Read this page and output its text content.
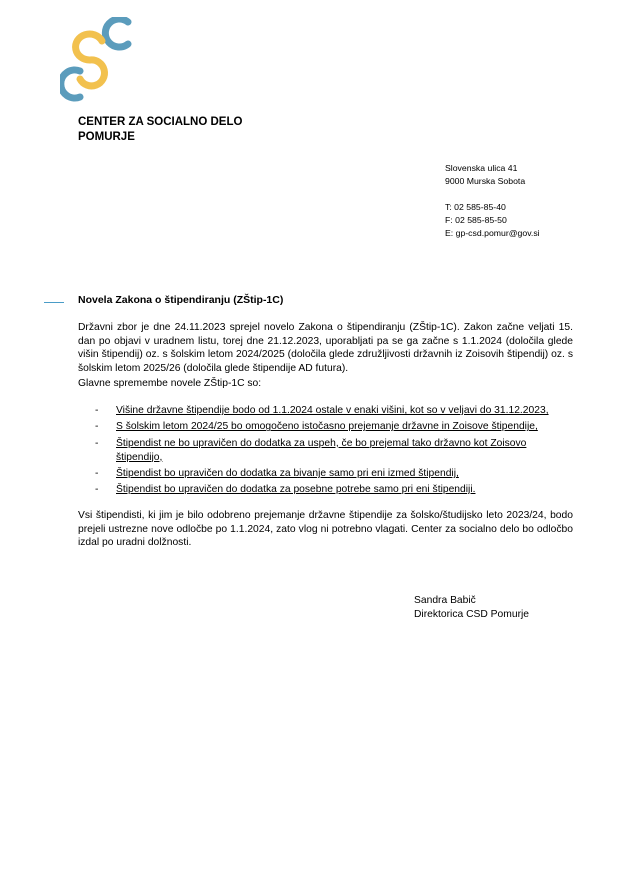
CENTER ZA SOCIALNO DELO
POMURJE
Slovenska ulica 41
9000 Murska Sobota
T: 02 585-85-40
F: 02 585-85-50
E: gp-csd.pomur@gov.si
Novela Zakona o štipendiranju (ZŠtip-1C)
Državni zbor je dne 24.11.2023 sprejel novelo Zakona o štipendiranju (ZŠtip-1C). Zakon začne veljati 15. dan po objavi v uradnem listu, torej dne 21.12.2023, uporabljati pa se ga začne s 1.1.2024 (določila glede višin štipendij) oz. s šolskim letom 2024/2025 (določila glede združljivosti državnih iz Zoisovih štipendij) oz. s šolskim letom 2025/26 (določila glede štipendije AD futura).
Glavne spremembe novele ZŠtip-1C so:
- Višine državne štipendije bodo od 1.1.2024 ostale v enaki višini, kot so v veljavi do 31.12.2023,
- S šolskim letom 2024/25 bo omogočeno istočasno prejemanje državne in Zoisove štipendije,
- Štipendist ne bo upravičen do dodatka za uspeh, če bo prejemal tako državno kot Zoisovo štipendijo,
- Štipendist bo upravičen do dodatka za bivanje samo pri eni izmed štipendij,
- Štipendist bo upravičen do dodatka za posebne potrebe samo pri eni štipendiji.
Vsi štipendisti, ki jim je bilo odobreno prejemanje državne štipendije za šolsko/študijsko leto 2023/24, bodo prejeli ustrezne nove odločbe po 1.1.2024, zato vlog ni potrebno vlagati. Center za socialno delo bo odločbo izdal po uradni dolžnosti.
Sandra Babič
Direktorica CSD Pomurje
